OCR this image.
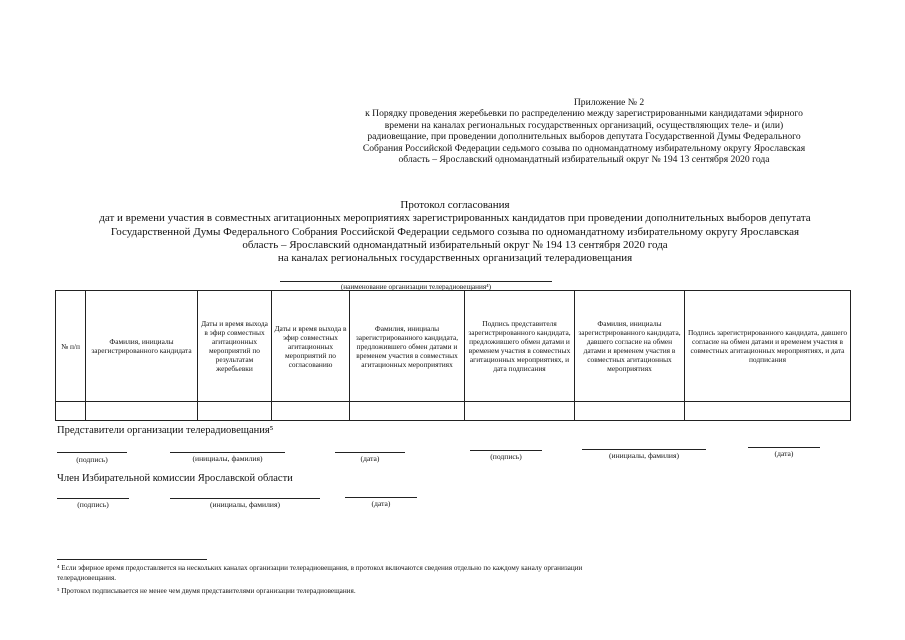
Приложение № 2
к Порядку проведения жеребьевки по распределению между зарегистрированными кандидатами эфирного
времени на каналах региональных государственных организаций, осуществляющих теле- и (или)
радиовещание, при проведении дополнительных выборов депутата Государственной Думы Федерального
Собрания Российской Федерации седьмого созыва по одномандатному избирательному округу Ярославская
область – Ярославский одномандатный избирательный округ № 194 13 сентября 2020 года
Протокол согласования
дат и времени участия в совместных агитационных мероприятиях зарегистрированных кандидатов при проведении дополнительных выборов депутата
Государственной Думы Федерального Собрания Российской Федерации седьмого созыва по одномандатному избирательному округу Ярославская
область – Ярославский одномандатный избирательный округ № 194 13 сентября 2020 года
на каналах региональных государственных организаций телерадиовещания
(наименование организации телерадиовещания⁴)
№ п/п	Фамилия, инициалы зарегистрированного кандидата	Даты и время выхода в эфир совместных агитационных мероприятий по результатам жеребьевки	Даты и время выхода в эфир совместных агитационных мероприятий по согласованию	Фамилия, инициалы зарегистрированного кандидата, предложившего обмен датами и временем участия в совместных агитационных мероприятиях	Подпись представителя зарегистрированного кандидата, предложившего обмен датами и временем участия в совместных агитационных мероприятиях, и дата подписания	Фамилия, инициалы зарегистрированного кандидата, давшего согласие на обмен датами и временем участия в совместных агитационных мероприятиях	Подпись зарегистрированного кандидата, давшего согласие на обмен датами и временем участия в совместных агитационных мероприятиях, и дата подписания

Представители организации телерадиовещания⁵
(подпись)	(инициалы, фамилия)	(дата)	(подпись)	(инициалы, фамилия)	(дата)
Член Избирательной комиссии Ярославской области
(подпись)	(инициалы, фамилия)	(дата)
⁴ Если эфирное время предоставляется на нескольких каналах организации телерадиовещания, в протокол включаются сведения отдельно по каждому каналу организации
телерадиовещания.
⁵ Протокол подписывается не менее чем двумя представителями организации телерадиовещания.
